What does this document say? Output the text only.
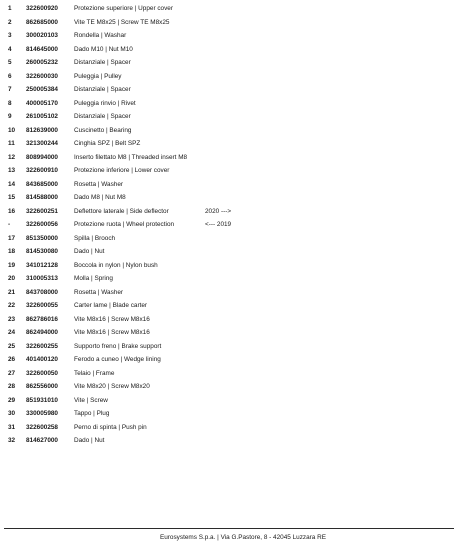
1 322600920	Protezione superiore | Upper cover
2 862685000	Vite TE M8x25 | Screw TE M8x25
3 300020103	Rondella | Washar
4 814645000	Dado M10 | Nut M10
5 260005232	Distanziale | Spacer
6 322600030	Puleggia | Pulley
7 250005384	Distanziale | Spacer
8 400005170	Puleggia rinvio | Rivet
9 261005102	Distanziale | Spacer
10 812639000	Cuscinetto | Bearing
11 321300244	Cinghia SPZ | Belt SPZ
12 808994000	Inserto filettato M8 | Threaded insert M8
13 322600910	Protezione inferiore | Lower cover
14 843685000	Rosetta | Washer
15 814588000	Dado M8 | Nut M8
16 322600251	Deflettore laterale | Side deflector	2020 --->
- 322600056	Protezione ruota | Wheel protection	<--- 2019
17 851350000	Spilla | Brooch
18 814530080	Dado | Nut
19 341012128	Boccola in nylon | Nylon bush
20 310005313	Molla | Spring
21 843708000	Rosetta | Washer
22 322600055	Carter lame | Blade carter
23 862786016	Vite M8x16 | Screw M8x16
24 862494000	Vite M8x16 | Screw M8x16
25 322600255	Supporto freno | Brake support
26 401400120	Ferodo a cuneo | Wedge lining
27 322600050	Telaio | Frame
28 862556000	Vite M8x20 | Screw M8x20
29 851931010	Vite | Screw
30 330005980	Tappo | Plug
31 322600258	Perno di spinta | Push pin
32 814627000	Dado | Nut
Eurosystems S.p.a. | Via G.Pastore, 8 - 42045 Luzzara RE
